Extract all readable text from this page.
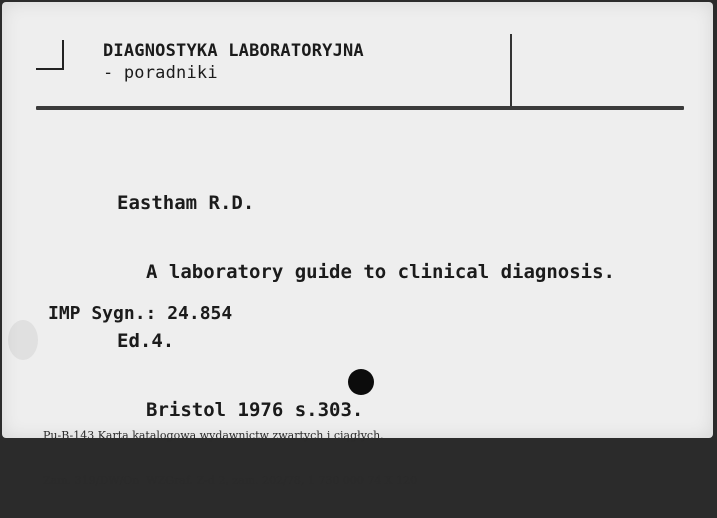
DIAGNOSTYKA LABORATORYJNA
- poradniki

Eastham R.D.

A laboratory guide to clinical diagnosis.

Ed.4.

Bristol 1976 s.303.

IMP Sygn.: 24.854

Pu-B-143 Karta katalogowa wydawnictw zwartych i ciągłych.

Zam. 319/DW/On  WZGraf. Z-d 2, zam. 202/78, 1 730 000 74 X 120
